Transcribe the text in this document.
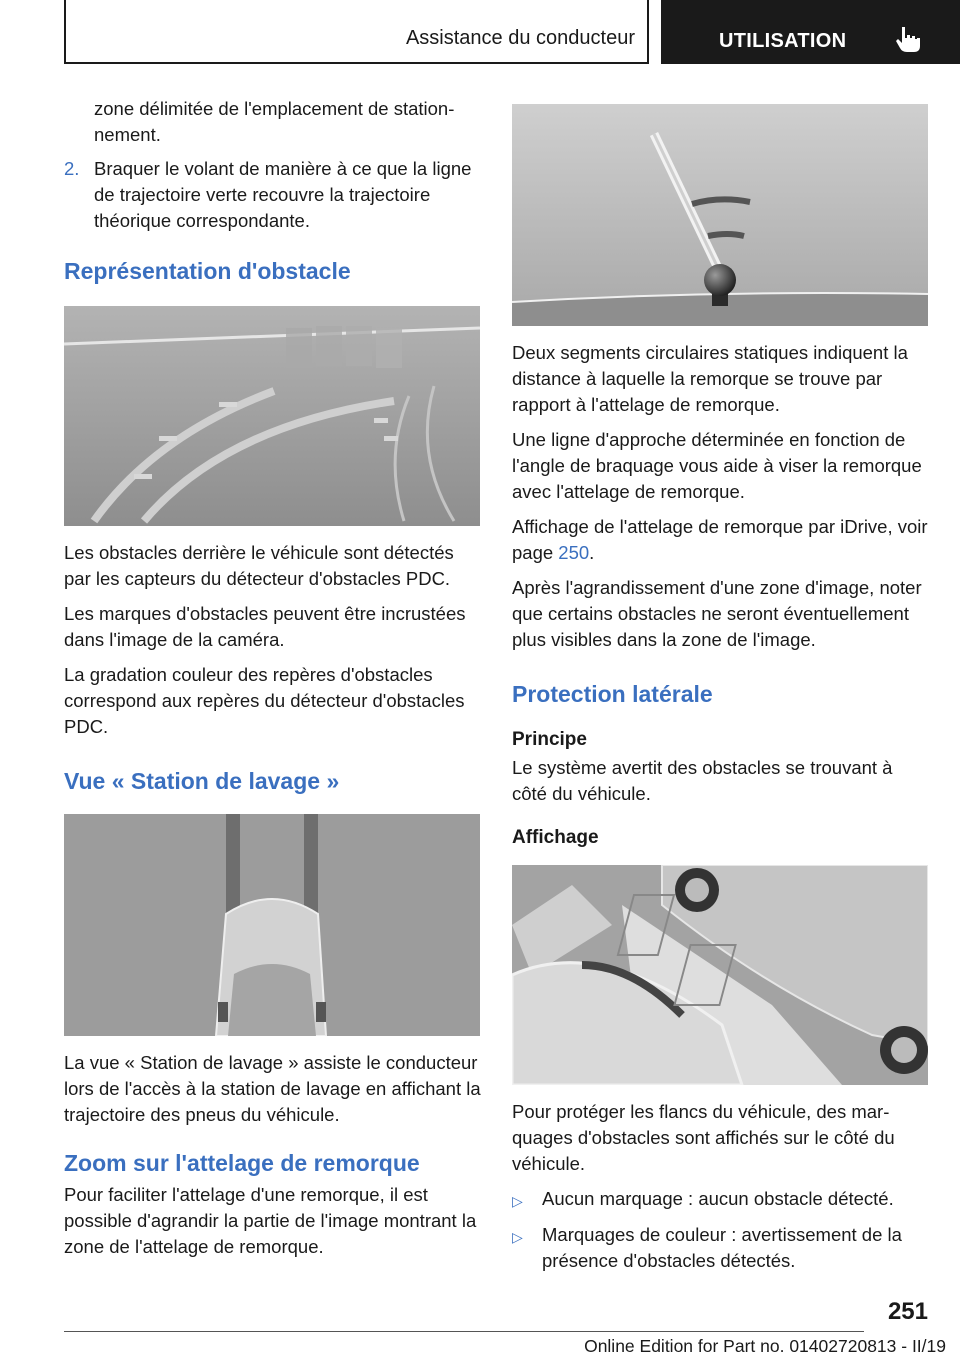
Assistance du conducteur	UTILISATION
zone délimitée de l'emplacement de stationnement.
2. Braquer le volant de manière à ce que la ligne de trajectoire verte recouvre la trajectoire théorique correspondante.
Représentation d'obstacle
Les obstacles derrière le véhicule sont détectés par les capteurs du détecteur d'obstacles PDC.
Les marques d'obstacles peuvent être incrustées dans l'image de la caméra.
La gradation couleur des repères d'obstacles correspond aux repères du détecteur d'obstacles PDC.
Vue « Station de lavage »
La vue « Station de lavage » assiste le conducteur lors de l'accès à la station de lavage en affichant la trajectoire des pneus du véhicule.
Zoom sur l'attelage de remorque
Pour faciliter l'attelage d'une remorque, il est possible d'agrandir la partie de l'image montrant la zone de l'attelage de remorque.
Deux segments circulaires statiques indiquent la distance à laquelle la remorque se trouve par rapport à l'attelage de remorque.
Une ligne d'approche déterminée en fonction de l'angle de braquage vous aide à viser la remorque avec l'attelage de remorque.
Affichage de l'attelage de remorque par iDrive, voir page 250.
Après l'agrandissement d'une zone d'image, noter que certains obstacles ne seront éventuellement plus visibles dans la zone de l'image.
Protection latérale
Principe
Le système avertit des obstacles se trouvant à côté du véhicule.
Affichage
Pour protéger les flancs du véhicule, des marquages d'obstacles sont affichés sur le côté du véhicule.
▷	Aucun marquage : aucun obstacle détecté.
▷	Marquages de couleur : avertissement de la présence d'obstacles détectés.
251
Online Edition for Part no. 01402720813 - II/19
